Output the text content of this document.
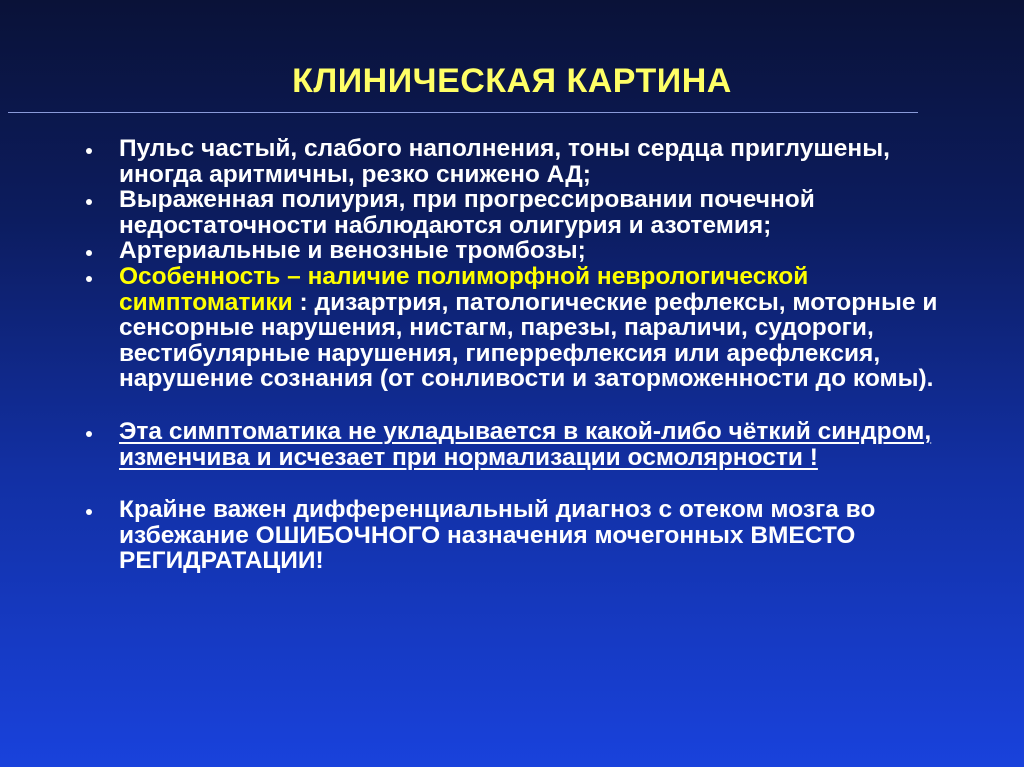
КЛИНИЧЕСКАЯ КАРТИНА
Пульс частый, слабого наполнения, тоны сердца приглушены, иногда аритмичны, резко снижено АД;
Выраженная полиурия, при прогрессировании почечной недостаточности наблюдаются олигурия и азотемия;
Артериальные и венозные тромбозы;
Особенность – наличие полиморфной неврологической симптоматики : дизартрия, патологические рефлексы, моторные и сенсорные нарушения, нистагм, парезы, параличи, судороги, вестибулярные нарушения, гиперрефлексия или арефлексия, нарушение сознания (от сонливости и заторможенности до комы).
Эта симптоматика не укладывается в какой-либо чёткий синдром, изменчива и исчезает при нормализации осмолярности !
Крайне важен дифференциальный диагноз с отеком мозга во избежание ОШИБОЧНОГО назначения мочегонных ВМЕСТО РЕГИДРАТАЦИИ!
